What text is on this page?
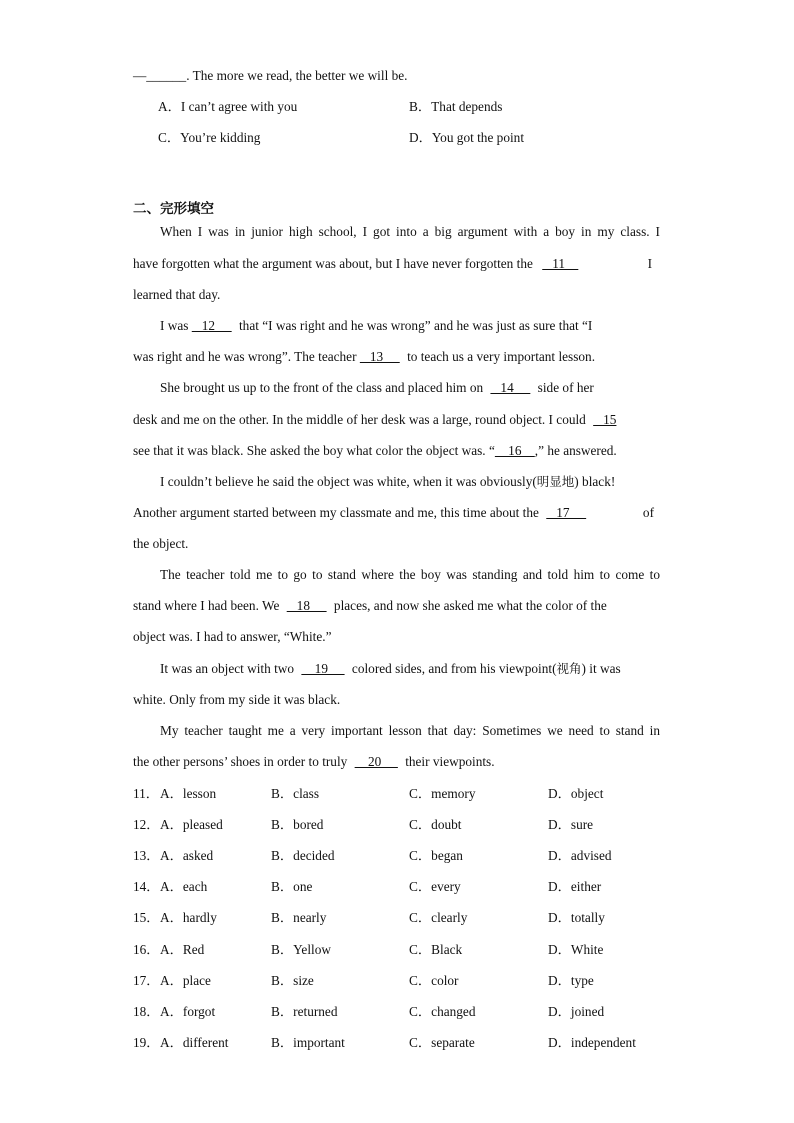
—______. The more we read, the better we will be.
A．I can’t agree with you	B．That depends
C．You’re kidding	D．You got the point
二、完形填空
When I was in junior high school, I got into a big argument with a boy in my class. I
have forgotten what the argument was about, but I have never forgotten the    11	I
learned that day.
I was    12      that “I was right and he was wrong” and he was just as sure that “I
was right and he was wrong”. The teacher    13      to teach us a very important lesson.
She brought us up to the front of the class and placed him on    14      side of her
desk and me on the other. In the middle of her desk was a large, round object. I could    15
see that it was black. She asked the boy what color the object was. “    16    ,” he answered.
I couldn’t believe he said the object was white, when it was obviously(明显地) black!
Another argument started between my classmate and me, this time about the    17	of
the object.
The teacher told me to go to stand where the boy was standing and told him to come to
stand where I had been. We    18      places, and now she asked me what the color of the
object was. I had to answer, “White.”
It was an object with two     19      colored sides, and from his viewpoint(视角) it was
white. Only from my side it was black.
My teacher taught me a very important lesson that day: Sometimes we need to stand in
the other persons’ shoes in order to truly     20      their viewpoints.
11． A．lesson	B．class	C．memory	D．object
12． A．pleased	B．bored	C．doubt	D．sure
13． A．asked	B．decided	C．began	D．advised
14． A．each	B．one	C．every	D．either
15． A．hardly	B．nearly	C．clearly	D．totally
16． A．Red	B．Yellow	C．Black	D．White
17． A．place	B．size	C．color	D．type
18． A．forgot	B．returned	C．changed	D．joined
19． A．different	B．important	C．separate	D．independent
